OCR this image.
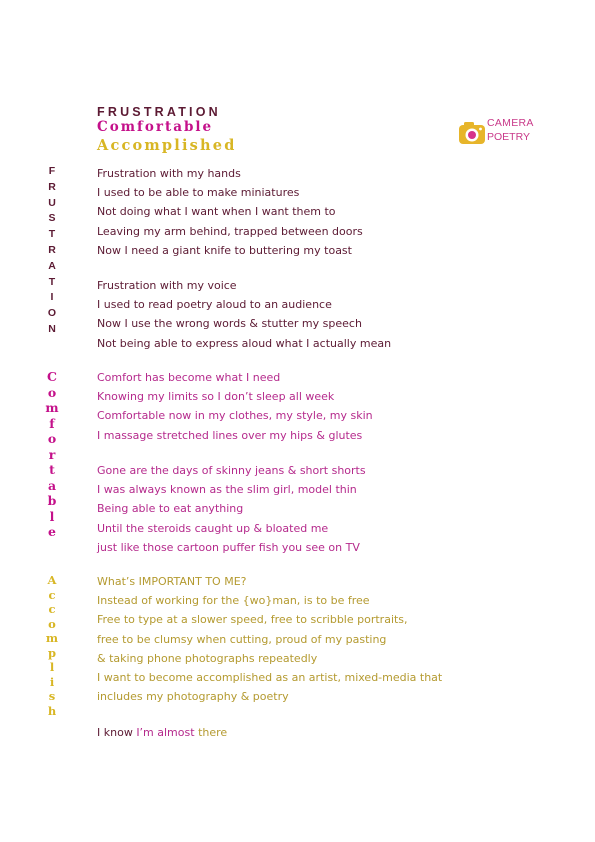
FRUSTRATION
Comfortable
Accomplished
CAMERA
POETRY
F
R
U
S
T
R
A
T
I
O
N
C
o
m
f
o
r
t
a
b
l
e
A
c
c
o
m
p
l
i
s
h
Frustration with my hands
I used to be able to make miniatures
Not doing what I want when I want them to
Leaving my arm behind, trapped between doors
Now I need a giant knife to buttering my toast
Frustration with my voice
I used to read poetry aloud to an audience
Now I use the wrong words & stutter my speech
Not being able to express aloud what I actually mean
Comfort has become what I need
Knowing my limits so I don’t sleep all week
Comfortable now in my clothes, my style, my skin
I massage stretched lines over my hips & glutes
Gone are the days of skinny jeans & short shorts
I was always known as the slim girl, model thin
Being able to eat anything
Until the steroids caught up & bloated me
just like those cartoon puffer fish you see on TV
What’s IMPORTANT TO ME?
Instead of working for the {wo}man, is to be free
Free to type at a slower speed, free to scribble portraits,
free to be clumsy when cutting, proud of my pasting
& taking phone photographs repeatedly
I want to become accomplished as an artist, mixed-media that
includes my photography & poetry
I know I’m almost there
